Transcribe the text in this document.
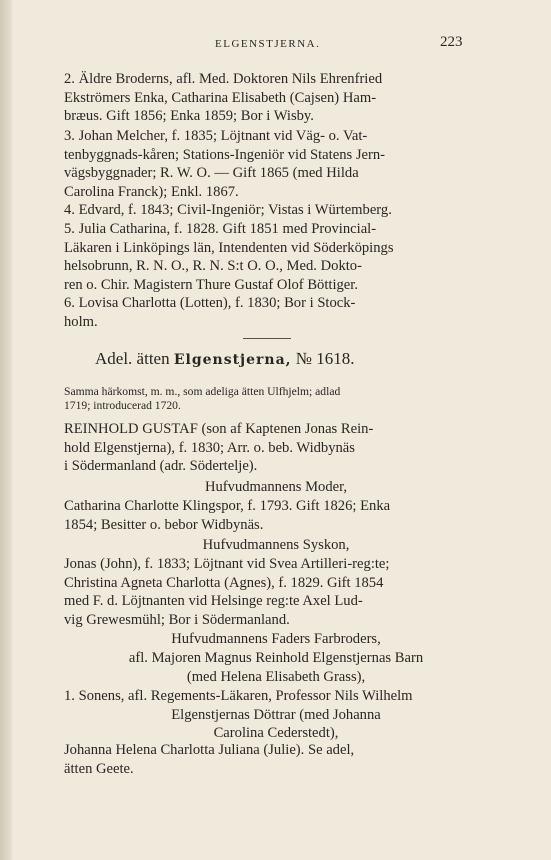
ELGENSTJERNA.	223
2. Äldre Broderns, afl. Med. Doktoren Nils Ehrenfried
Ekströmers Enka, Catharina Elisabeth (Cajsen) Ham-
bræus. Gift 1856; Enka 1859; Bor i Wisby.
3. Johan Melcher, f. 1835; Löjtnant vid Väg- o. Vat-
tenbyggnads-kåren; Stations-Ingeniör vid Statens Jern-
vägsbyggnader; R. W. O. — Gift 1865 (med Hilda
Carolina Franck); Enkl. 1867.
4. Edvard, f. 1843; Civil-Ingeniör; Vistas i Würtemberg.
5. Julia Catharina, f. 1828. Gift 1851 med Provincial-
Läkaren i Linköpings län, Intendenten vid Söderköpings
helsobrunn, R. N. O., R. N. S:t O. O., Med. Dokto-
ren o. Chir. Magistern Thure Gustaf Olof Böttiger.
6. Lovisa Charlotta (Lotten), f. 1830; Bor i Stock-
holm.
Adel. ätten Elgenstjerna, № 1618.
Samma härkomst, m. m., som adeliga ätten Ulfhjelm; adlad
1719; introducerad 1720.
REINHOLD GUSTAF (son af Kaptenen Jonas Rein-
hold Elgenstjerna), f. 1830; Arr. o. beb. Widbynäs
i Södermanland (adr. Södertelje).
Hufvudmannens Moder,
Catharina Charlotte Klingspor, f. 1793. Gift 1826; Enka
1854; Besitter o. bebor Widbynäs.
Hufvudmannens Syskon,
Jonas (John), f. 1833; Löjtnant vid Svea Artilleri-reg:te;
Christina Agneta Charlotta (Agnes), f. 1829. Gift 1854
med F. d. Löjtnanten vid Helsinge reg:te Axel Lud-
vig Grewesmühl; Bor i Södermanland.
Hufvudmannens Faders Farbroders,
afl. Majoren Magnus Reinhold Elgenstjernas Barn
(med Helena Elisabeth Grass),
1. Sonens, afl. Regements-Läkaren, Professor Nils Wilhelm
Elgenstjernas Döttrar (med Johanna
Carolina Cederstedt),
Johanna Helena Charlotta Juliana (Julie). Se adel,
ätten Geete.
